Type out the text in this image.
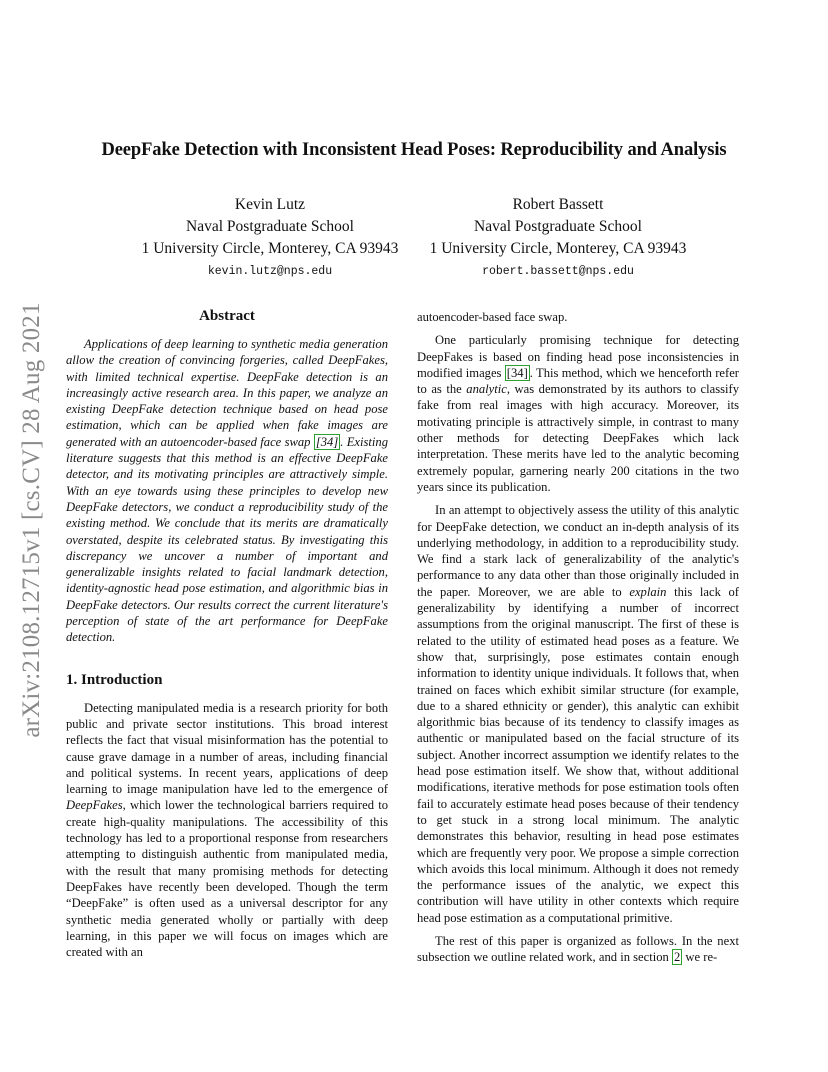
DeepFake Detection with Inconsistent Head Poses: Reproducibility and Analysis
Kevin Lutz
Naval Postgraduate School
1 University Circle, Monterey, CA 93943
kevin.lutz@nps.edu
Robert Bassett
Naval Postgraduate School
1 University Circle, Monterey, CA 93943
robert.bassett@nps.edu
arXiv:2108.12715v1 [cs.CV] 28 Aug 2021	Abstract

Applications of deep learning to synthetic media generation allow the creation of convincing forgeries, called DeepFakes, with limited technical expertise. DeepFake detection is an increasingly active research area. In this paper, we analyze an existing DeepFake detection technique based on head pose estimation, which can be applied when fake images are generated with an autoencoder-based face swap [34] . Existing literature suggests that this method is an effective DeepFake detector, and its motivating principles are attractively simple. With an eye towards using these principles to develop new DeepFake detectors, we conduct a reproducibility study of the existing method. We conclude that its merits are dramatically overstated, despite its celebrated status. By investigating this discrepancy we uncover a number of important and generalizable insights related to facial landmark detection, identity-agnostic head pose estimation, and algorithmic bias in DeepFake detectors. Our results correct the current literature's perception of state of the art performance for DeepFake detection.

1. Introduction

Detecting manipulated media is a research priority for both public and private sector institutions. This broad interest reflects the fact that visual misinformation has the potential to cause grave damage in a number of areas, including financial and political systems. In recent years, applications of deep learning to image manipulation have led to the emergence of DeepFakes, which lower the technological barriers required to create high-quality manipulations. The accessibility of this technology has led to a proportional response from researchers attempting to distinguish authentic from manipulated media, with the result that many promising methods for detecting DeepFakes have recently been developed. Though the term “DeepFake” is often used as a universal descriptor for any synthetic media generated wholly or partially with deep learning, in this paper we will focus on images which are created with an

autoencoder-based face swap.

One particularly promising technique for detecting DeepFakes is based on finding head pose inconsistencies in modified images [34] . This method, which we henceforth refer to as the analytic, was demonstrated by its authors to classify fake from real images with high accuracy. Moreover, its motivating principle is attractively simple, in contrast to many other methods for detecting DeepFakes which lack interpretation. These merits have led to the analytic becoming extremely popular, garnering nearly 200 citations in the two years since its publication.

In an attempt to objectively assess the utility of this analytic for DeepFake detection, we conduct an in-depth analysis of its underlying methodology, in addition to a reproducibility study. We find a stark lack of generalizability of the analytic's performance to any data other than those originally included in the paper. Moreover, we are able to explain this lack of generalizability by identifying a number of incorrect assumptions from the original manuscript. The first of these is related to the utility of estimated head poses as a feature. We show that, surprisingly, pose estimates contain enough information to identity unique individuals. It follows that, when trained on faces which exhibit similar structure (for example, due to a shared ethnicity or gender), this analytic can exhibit algorithmic bias because of its tendency to classify images as authentic or manipulated based on the facial structure of its subject. Another incorrect assumption we identify relates to the head pose estimation itself. We show that, without additional modifications, iterative methods for pose estimation tools often fail to accurately estimate head poses because of their tendency to get stuck in a strong local minimum. The analytic demonstrates this behavior, resulting in head pose estimates which are frequently very poor. We propose a simple correction which avoids this local minimum. Although it does not remedy the performance issues of the analytic, we expect this contribution will have utility in other contexts which require head pose estimation as a computational primitive.

The rest of this paper is organized as follows. In the next subsection we outline related work, and in section 2 we re-
